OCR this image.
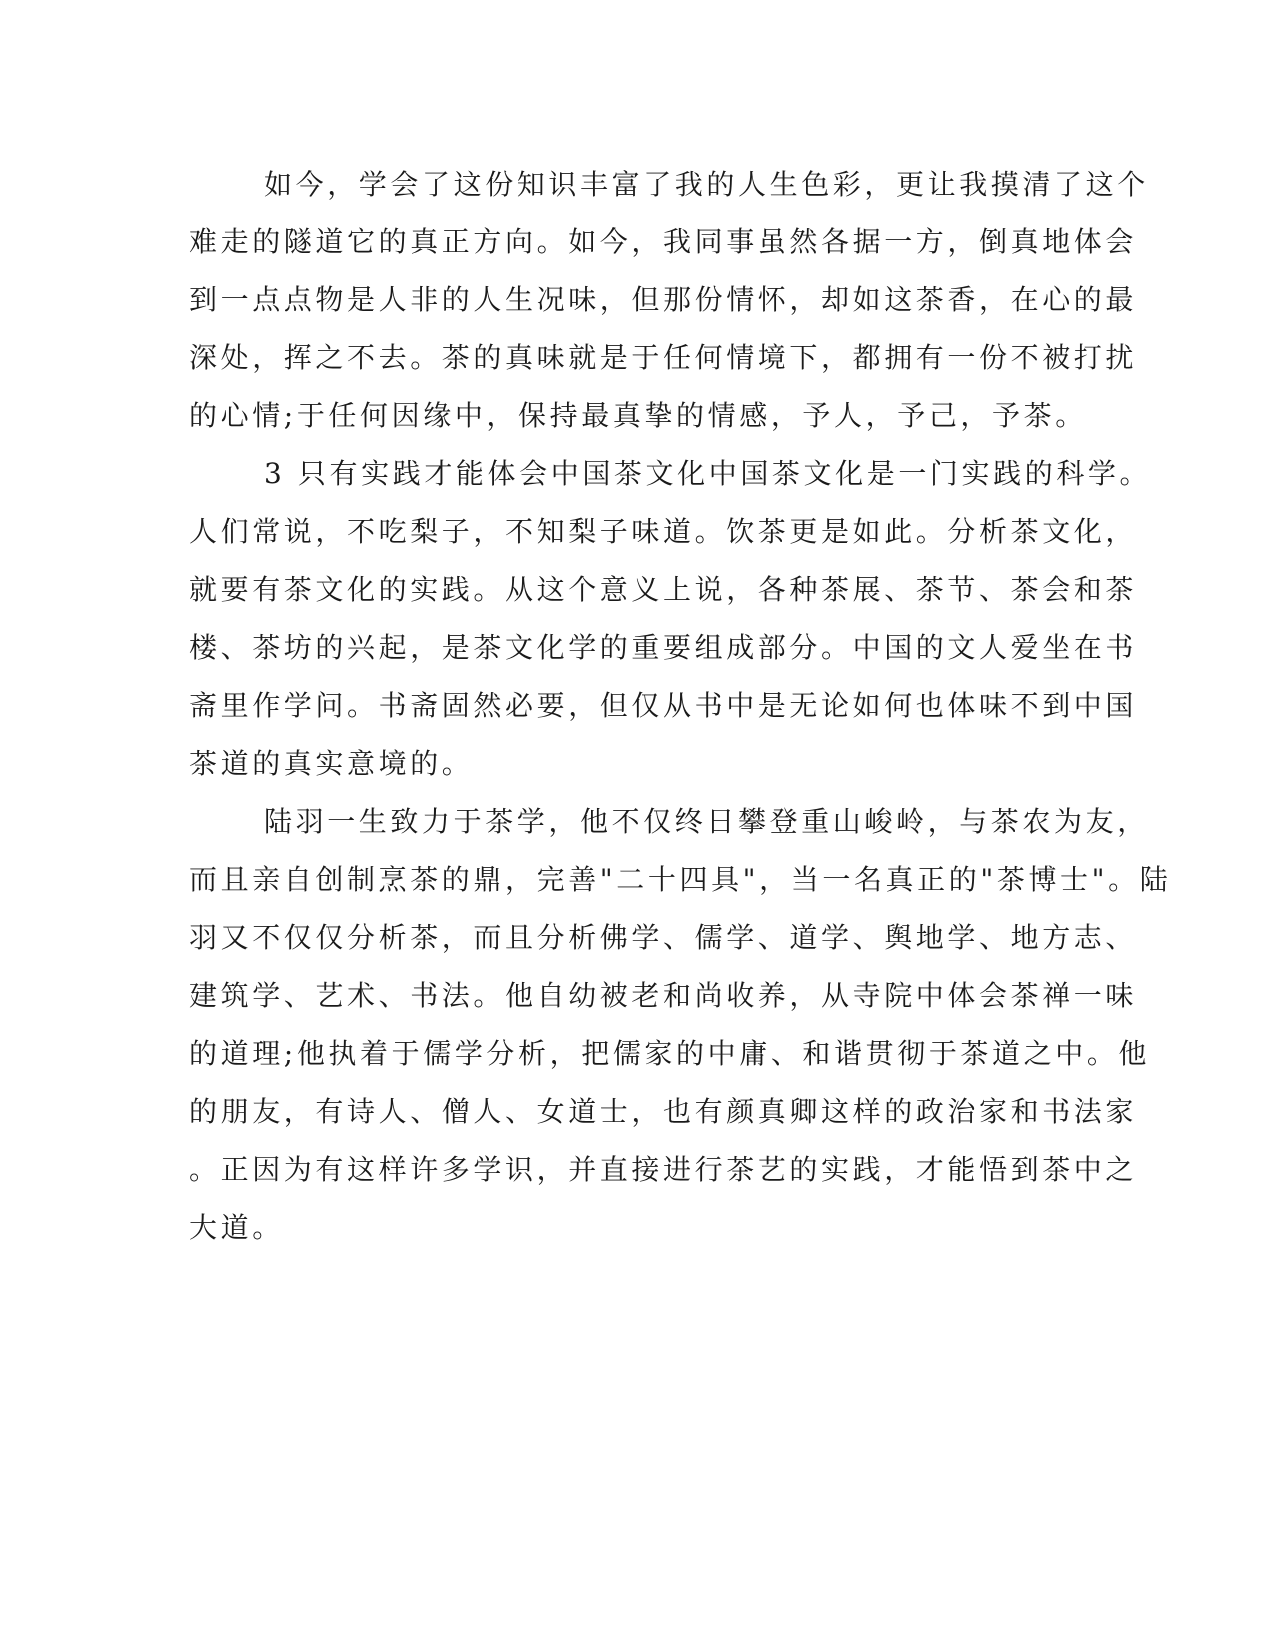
如今，学会了这份知识丰富了我的人生色彩，更让我摸清了这个
难走的隧道它的真正方向。如今，我同事虽然各据一方，倒真地体会
到一点点物是人非的人生况味，但那份情怀，却如这茶香，在心的最
深处，挥之不去。茶的真味就是于任何情境下，都拥有一份不被打扰
的心情;于任何因缘中，保持最真挚的情感，予人，予己，予茶。
3 只有实践才能体会中国茶文化中国茶文化是一门实践的科学。
人们常说，不吃梨子，不知梨子味道。饮茶更是如此。分析茶文化，
就要有茶文化的实践。从这个意义上说，各种茶展、茶节、茶会和茶
楼、茶坊的兴起，是茶文化学的重要组成部分。中国的文人爱坐在书
斋里作学问。书斋固然必要，但仅从书中是无论如何也体味不到中国
茶道的真实意境的。
陆羽一生致力于茶学，他不仅终日攀登重山峻岭，与茶农为友，
而且亲自创制烹茶的鼎，完善"二十四具"，当一名真正的"茶博士"。陆
羽又不仅仅分析茶，而且分析佛学、儒学、道学、舆地学、地方志、
建筑学、艺术、书法。他自幼被老和尚收养，从寺院中体会茶禅一味
的道理;他执着于儒学分析，把儒家的中庸、和谐贯彻于茶道之中。他
的朋友，有诗人、僧人、女道士，也有颜真卿这样的政治家和书法家
。正因为有这样许多学识，并直接进行茶艺的实践，才能悟到茶中之
大道。
